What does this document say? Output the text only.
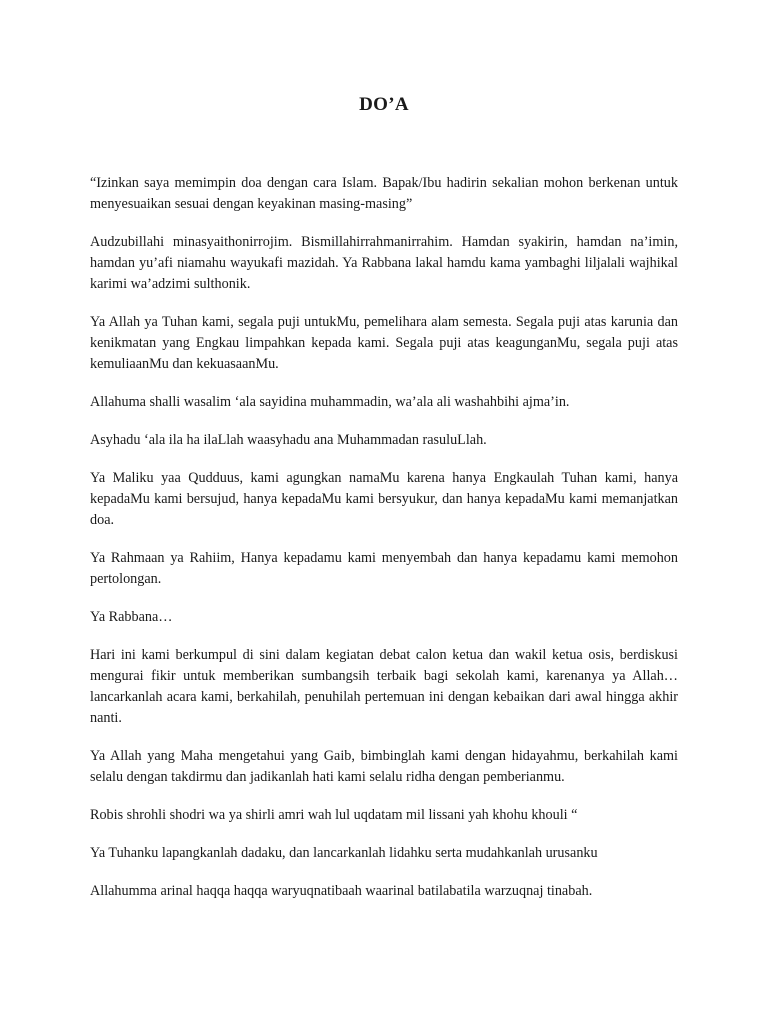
DO’A

“Izinkan saya memimpin doa dengan cara Islam. Bapak/Ibu hadirin sekalian mohon berkenan untuk menyesuaikan sesuai dengan keyakinan masing-masing”

Audzubillahi minasyaithonirrojim. Bismillahirrahmanirrahim. Hamdan syakirin, hamdan na’imin, hamdan yu’afi niamahu wayukafi mazidah. Ya Rabbana lakal hamdu kama yambaghi liljalali wajhikal karimi wa’adzimi sulthonik.

Ya Allah ya Tuhan kami, segala puji untukMu, pemelihara alam semesta. Segala puji atas karunia dan kenikmatan yang Engkau limpahkan kepada kami. Segala puji atas keagunganMu, segala puji atas kemuliaanMu dan kekuasaanMu.

Allahuma shalli wasalim ‘ala sayidina muhammadin, wa’ala ali washahbihi ajma’in.

Asyhadu ‘ala ila ha ilaLlah waasyhadu ana Muhammadan rasuluLlah.

Ya Maliku yaa Qudduus, kami agungkan namaMu karena hanya Engkaulah Tuhan kami, hanya kepadaMu kami bersujud, hanya kepadaMu kami bersyukur, dan hanya kepadaMu kami memanjatkan doa.

Ya Rahmaan ya Rahiim, Hanya kepadamu kami menyembah dan hanya kepadamu kami memohon pertolongan.

Ya Rabbana…

Hari ini kami berkumpul di sini dalam kegiatan debat calon ketua dan wakil ketua osis, berdiskusi mengurai fikir untuk memberikan sumbangsih terbaik bagi sekolah kami, karenanya ya Allah… lancarkanlah acara kami, berkahilah, penuhilah pertemuan ini dengan kebaikan dari awal hingga akhir nanti.

Ya Allah yang Maha mengetahui yang Gaib, bimbinglah kami dengan hidayahmu, berkahilah kami selalu dengan takdirmu dan jadikanlah hati kami selalu ridha dengan pemberianmu.

Robis shrohli shodri wa ya shirli amri wah lul uqdatam mil lissani yah khohu khouli “

Ya Tuhanku lapangkanlah dadaku, dan lancarkanlah lidahku serta mudahkanlah urusanku

Allahumma arinal haqqa haqqa waryuqnatibaah waarinal batilabatila warzuqnaj tinabah.
